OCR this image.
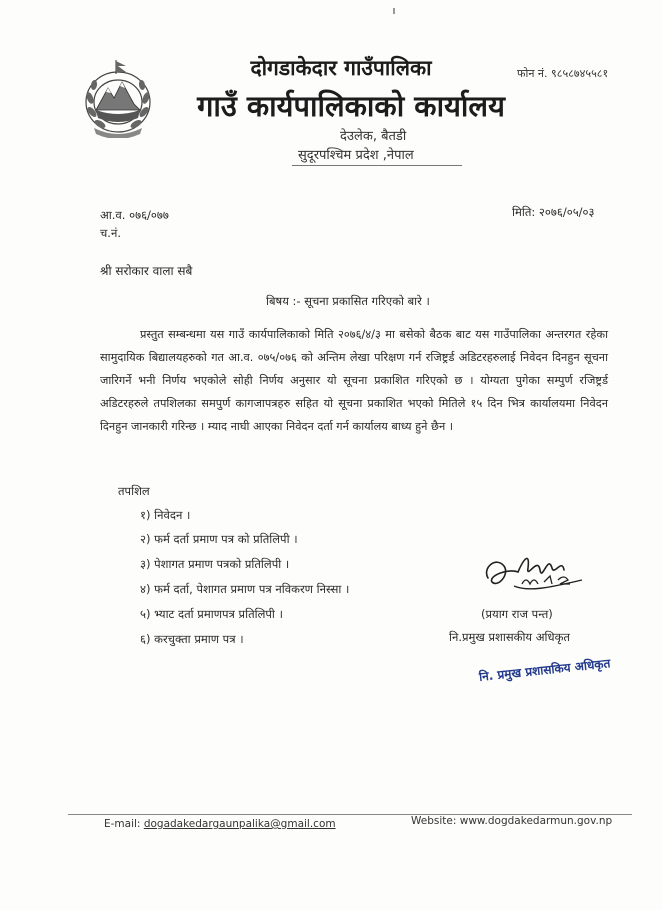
दोगडाकेदार गाउँपालिका
गाउँ कार्यपालिकाको कार्यालय
देउलेक, बैतडी
सुदूरपश्चिम प्रदेश ,नेपाल
फोन नं. ९८५८७४५५८१
आ.व. ०७६/०७७
च.नं.
मिति: २०७६/०५/०३
श्री सरोकार वाला सबै
बिषय :- सूचना प्रकासित गरिएको बारे ।

प्रस्तुत सम्बन्धमा यस गाउँ कार्यपालिकाको मिति २०७६/४/३ मा बसेको बैठक बाट यस गाउँपालिका अन्तरगत रहेका सामुदायिक बिद्यालयहरुको गत आ.व. ०७५/०७६ को अन्तिम लेखा परिक्षण गर्न रजिष्ट्रर्ड अडिटरहरुलाई निवेदन दिनहुन सूचना जारिगर्ने भनी निर्णय भएकोले सोही निर्णय अनुसार यो सूचना प्रकाशित गरिएको छ । योग्यता पुगेका सम्पुर्ण रजिष्ट्रर्ड अडिटरहरुले तपशिलका समपुर्ण कागजापत्रहरु सहित यो सूचना प्रकाशित भएको मितिले १५ दिन भित्र कार्यालयमा निवेदन दिनहुन जानकारी गरिन्छ । म्याद नाघी आएका निवेदन दर्ता गर्न कार्यालय बाध्य हुने छैन ।

तपशिल
१) निवेदन ।
२) फर्म दर्ता प्रमाण पत्र को प्रतिलिपी ।
३) पेशागत प्रमाण पत्रको प्रतिलिपी ।
४) फर्म दर्ता, पेशागत प्रमाण पत्र नविकरण निस्सा ।
५) भ्याट दर्ता प्रमाणपत्र प्रतिलिपी ।
६) करचुक्ता प्रमाण पत्र ।
(प्रयाग राज पन्त)
नि.प्रमुख प्रशासकीय अधिकृत
नि. प्रमुख प्रशासकिय अधिकृत
E-mail: dogadakedargaunpalika@gmail.com	Website: www.dogdakedarmun.gov.np
